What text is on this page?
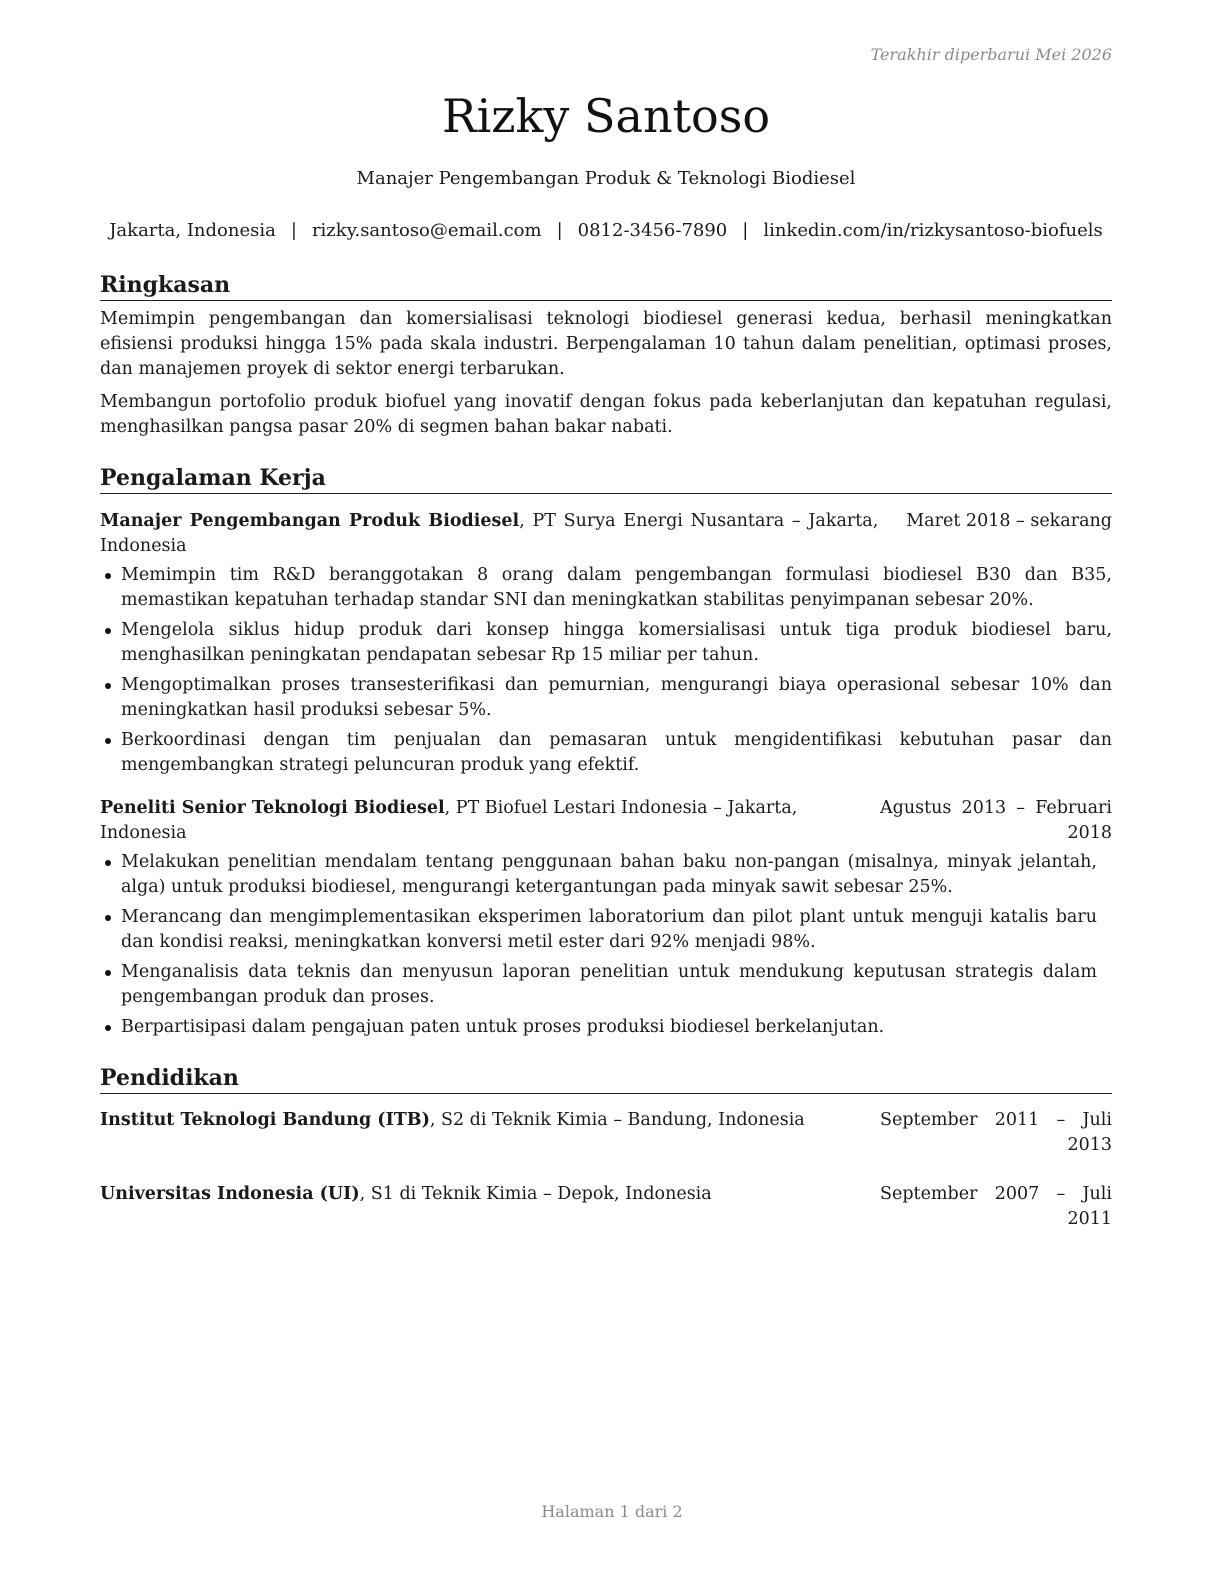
Terakhir diperbarui Mei 2026
Rizky Santoso
Manajer Pengembangan Produk & Teknologi Biodiesel
Jakarta, Indonesia | rizky.santoso@email.com | 0812-3456-7890 | linkedin.com/in/rizkysantoso-biofuels
Ringkasan

Memimpin pengembangan dan komersialisasi teknologi biodiesel generasi kedua, berhasil meningkatkan efisiensi produksi hingga 15% pada skala industri. Berpengalaman 10 tahun dalam penelitian, optimasi proses, dan manajemen proyek di sektor energi terbarukan.

Membangun portofolio produk biofuel yang inovatif dengan fokus pada keberlanjutan dan kepatuhan regulasi, menghasilkan pangsa pasar 20% di segmen bahan bakar nabati.

Pengalaman Kerja
Manajer Pengembangan Produk Biodiesel, PT Surya Energi Nusantara – Jakarta, Indonesia
Maret 2018 – sekarang
Memimpin tim R&D beranggotakan 8 orang dalam pengembangan formulasi biodiesel B30 dan B35, memastikan kepatuhan terhadap standar SNI dan meningkatkan stabilitas penyimpanan sebesar 20%.
Mengelola siklus hidup produk dari konsep hingga komersialisasi untuk tiga produk biodiesel baru, menghasilkan peningkatan pendapatan sebesar Rp 15 miliar per tahun.
Mengoptimalkan proses transesterifikasi dan pemurnian, mengurangi biaya operasional sebesar 10% dan meningkatkan hasil produksi sebesar 5%.
Berkoordinasi dengan tim penjualan dan pemasaran untuk mengidentifikasi kebutuhan pasar dan mengembangkan strategi peluncuran produk yang efektif.
Peneliti Senior Teknologi Biodiesel, PT Biofuel Lestari Indonesia – Jakarta, Indonesia
Agustus 2013 – Februari 2018
Melakukan penelitian mendalam tentang penggunaan bahan baku non-pangan (misalnya, minyak jelantah, alga) untuk produksi biodiesel, mengurangi ketergantungan pada minyak sawit sebesar 25%.
Merancang dan mengimplementasikan eksperimen laboratorium dan pilot plant untuk menguji katalis baru dan kondisi reaksi, meningkatkan konversi metil ester dari 92% menjadi 98%.
Menganalisis data teknis dan menyusun laporan penelitian untuk mendukung keputusan strategis dalam pengembangan produk dan proses.
Berpartisipasi dalam pengajuan paten untuk proses produksi biodiesel berkelanjutan.
Pendidikan
Institut Teknologi Bandung (ITB), S2 di Teknik Kimia – Bandung, Indonesia	September 2011 – Juli 2013
Universitas Indonesia (UI), S1 di Teknik Kimia – Depok, Indonesia	September 2007 – Juli 2011
Halaman 1 dari 2
